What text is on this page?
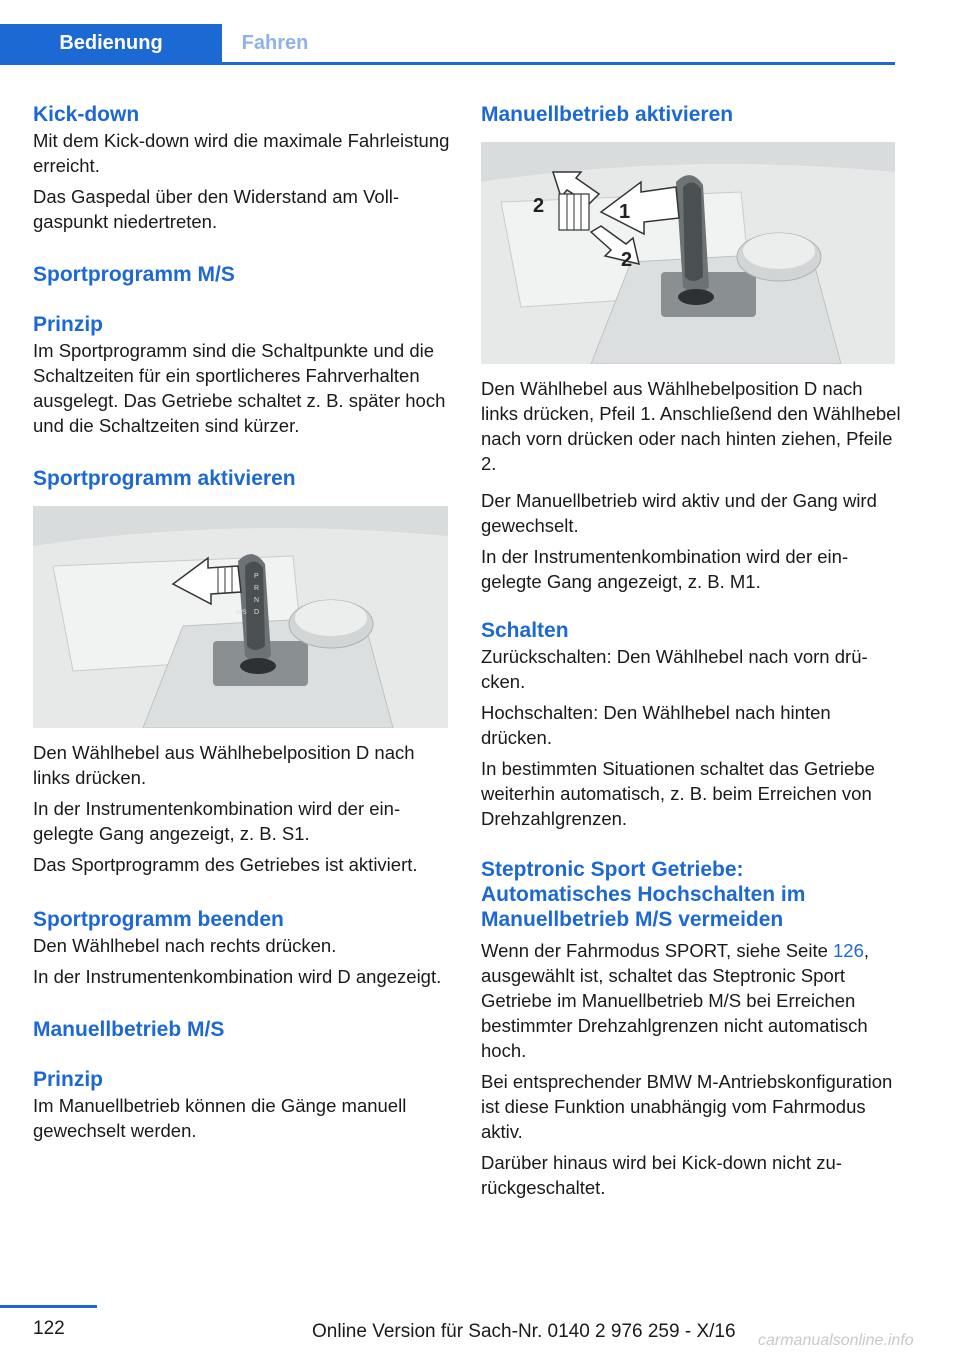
Bedienung	Fahren
Kick-down

Mit dem Kick-down wird die maximale Fahrleistung erreicht.

Das Gaspedal über den Widerstand am Vollgaspunkt niedertreten.

Sportprogramm M/S
Prinzip

Im Sportprogramm sind die Schaltpunkte und die Schaltzeiten für ein sportlicheres Fahrverhalten ausgelegt. Das Getriebe schaltet z. B. später hoch und die Schaltzeiten sind kürzer.

Sportprogramm aktivieren
P
R
N
D
M/S

Den Wählhebel aus Wählhebelposition D nach links drücken.

In der Instrumentenkombination wird der eingelegte Gang angezeigt, z. B. S1.

Das Sportprogramm des Getriebes ist aktiviert.

Sportprogramm beenden

Den Wählhebel nach rechts drücken.

In der Instrumentenkombination wird D angezeigt.

Manuellbetrieb M/S
Prinzip

Im Manuellbetrieb können die Gänge manuell gewechselt werden.

Manuellbetrieb aktivieren
1
2
2

Den Wählhebel aus Wählhebelposition D nach links drücken, Pfeil 1. Anschließend den Wählhebel nach vorn drücken oder nach hinten ziehen, Pfeile 2.

Der Manuellbetrieb wird aktiv und der Gang wird gewechselt.

In der Instrumentenkombination wird der eingelegte Gang angezeigt, z. B. M1.

Schalten

Zurückschalten: Den Wählhebel nach vorn drücken.

Hochschalten: Den Wählhebel nach hinten drücken.

In bestimmten Situationen schaltet das Getriebe weiterhin automatisch, z. B. beim Erreichen von Drehzahlgrenzen.

Steptronic Sport Getriebe: Automatisches Hochschalten im Manuellbetrieb M/S vermeiden

Wenn der Fahrmodus SPORT, siehe Seite 126, ausgewählt ist, schaltet das Steptronic Sport Getriebe im Manuellbetrieb M/S bei Erreichen bestimmter Drehzahlgrenzen nicht automatisch hoch.

Bei entsprechender BMW M-Antriebskonfiguration ist diese Funktion unabhängig vom Fahrmodus aktiv.

Darüber hinaus wird bei Kick-down nicht zurückgeschaltet.

122	Online Version für Sach-Nr. 0140 2 976 259 - X/16 carmanualsonline.info
